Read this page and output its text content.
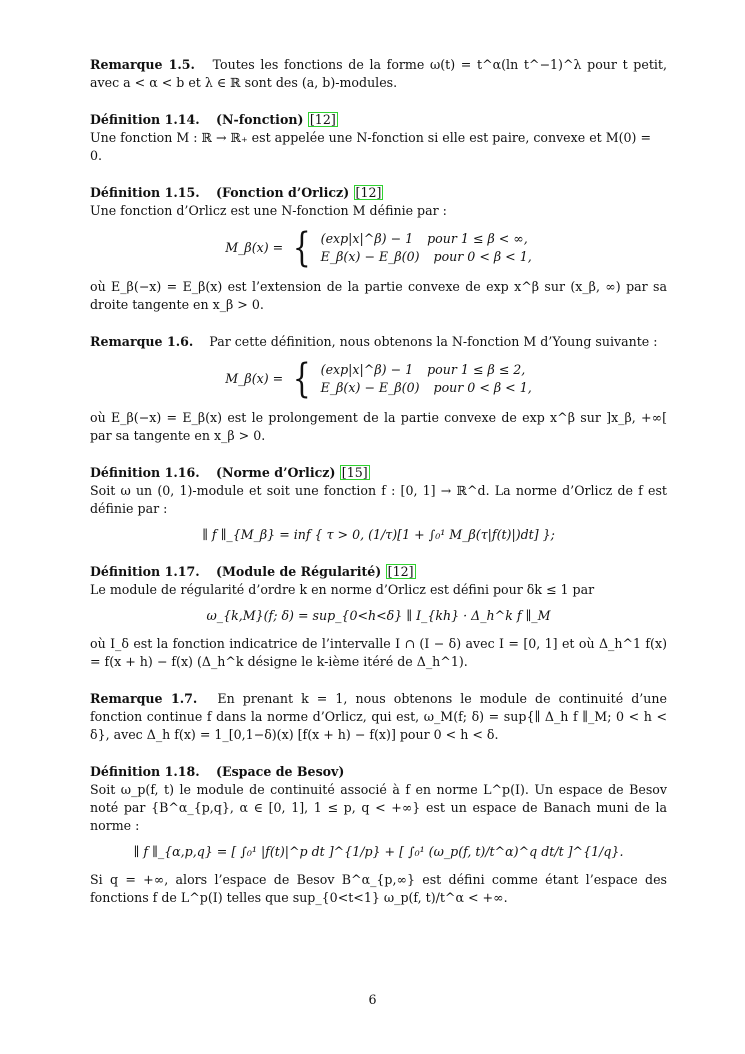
Remarque 1.5. Toutes les fonctions de la forme ω(t) = t^α(ln t^−1)^λ pour t petit, avec a < α < b et λ ∈ ℝ sont des (a, b)-modules.
Définition 1.14. (N-fonction) [12]
Une fonction M : ℝ → ℝ₊ est appelée une N-fonction si elle est paire, convexe et M(0) = 0.
Définition 1.15. (Fonction d’Orlicz) [12]
Une fonction d’Orlicz est une N-fonction M définie par :
M_β(x) = { (exp|x|^β) − 1 pour 1 ≤ β < ∞,
E_β(x) − E_β(0) pour 0 < β < 1,
où E_β(−x) = E_β(x) est l’extension de la partie convexe de exp x^β sur (x_β, ∞) par sa droite tangente en x_β > 0.
Remarque 1.6. Par cette définition, nous obtenons la N-fonction M d’Young suivante :
M_β(x) = { (exp|x|^β) − 1 pour 1 ≤ β ≤ 2,
E_β(x) − E_β(0) pour 0 < β < 1,
où E_β(−x) = E_β(x) est le prolongement de la partie convexe de exp x^β sur ]x_β, +∞[ par sa tangente en x_β > 0.
Définition 1.16. (Norme d’Orlicz) [15]
Soit ω un (0, 1)-module et soit une fonction f : [0, 1] → ℝ^d. La norme d’Orlicz de f est définie par :
∥ f ∥_{M_β} = inf { τ > 0, (1/τ)[1 + ∫₀¹ M_β(τ|f(t)|)dt] };
Définition 1.17. (Module de Régularité) [12]
Le module de régularité d’ordre k en norme d’Orlicz est défini pour δk ≤ 1 par
ω_{k,M}(f; δ) = sup_{0<h<δ} ∥ I_{kh} · Δ_h^k f ∥_M
où I_δ est la fonction indicatrice de l’intervalle I ∩ (I − δ) avec I = [0, 1] et où Δ_h^1 f(x) = f(x + h) − f(x) (Δ_h^k désigne le k-ième itéré de Δ_h^1).
Remarque 1.7. En prenant k = 1, nous obtenons le module de continuité d’une fonction continue f dans la norme d’Orlicz, qui est, ω_M(f; δ) = sup{∥ Δ_h f ∥_M; 0 < h < δ}, avec Δ_h f(x) = 1_[0,1−δ)(x) [f(x + h) − f(x)] pour 0 < h < δ.
Définition 1.18. (Espace de Besov)
Soit ω_p(f, t) le module de continuité associé à f en norme L^p(I). Un espace de Besov noté par {B^α_{p,q}, α ∈ [0, 1], 1 ≤ p, q < +∞} est un espace de Banach muni de la norme :
∥ f ∥_{α,p,q} = [ ∫₀¹ |f(t)|^p dt ]^{1/p} + [ ∫₀¹ (ω_p(f, t)/t^α)^q dt/t ]^{1/q}.
Si q = +∞, alors l’espace de Besov B^α_{p,∞} est défini comme étant l’espace des fonctions f de L^p(I) telles que sup_{0<t<1} ω_p(f, t)/t^α < +∞.
6
